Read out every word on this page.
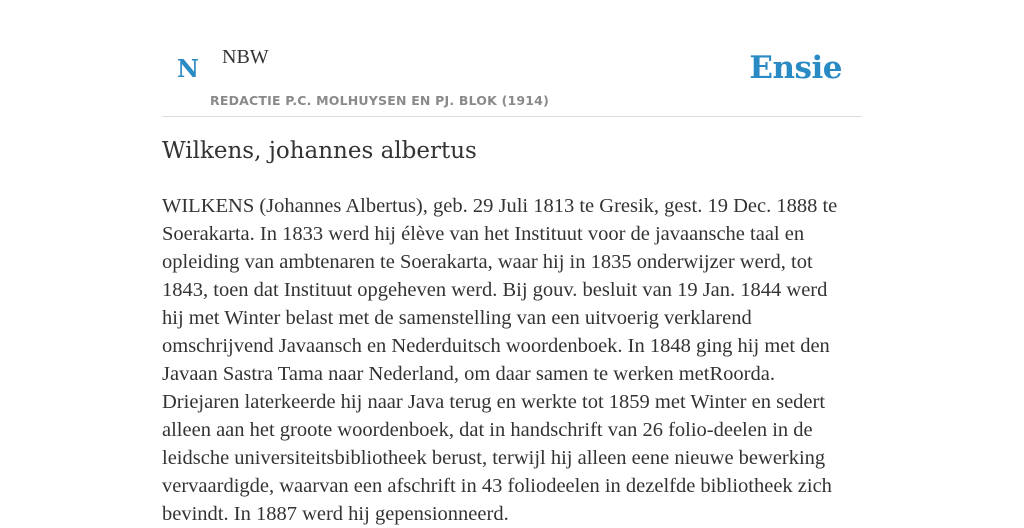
N NBW	Ensie
REDACTIE P.C. MOLHUYSEN EN PJ. BLOK (1914)
Wilkens, johannes albertus
WILKENS (Johannes Albertus), geb. 29 Juli 1813 te Gresik, gest. 19 Dec. 1888 te
Soerakarta. In 1833 werd hij élève van het Instituut voor de javaansche taal en
opleiding van ambtenaren te Soerakarta, waar hij in 1835 onderwijzer werd, tot
1843, toen dat Instituut opgeheven werd. Bij gouv. besluit van 19 Jan. 1844 werd
hij met Winter belast met de samenstelling van een uitvoerig verklarend
omschrijvend Javaansch en Nederduitsch woordenboek. In 1848 ging hij met den
Javaan Sastra Tama naar Nederland, om daar samen te werken metRoorda.
Driejaren laterkeerde hij naar Java terug en werkte tot 1859 met Winter en sedert
alleen aan het groote woordenboek, dat in handschrift van 26 folio-deelen in de
leidsche universiteitsbibliotheek berust, terwijl hij alleen eene nieuwe bewerking
vervaardigde, waarvan een afschrift in 43 foliodeelen in dezelfde bibliotheek zich
bevindt. In 1887 werd hij gepensionneerd.
